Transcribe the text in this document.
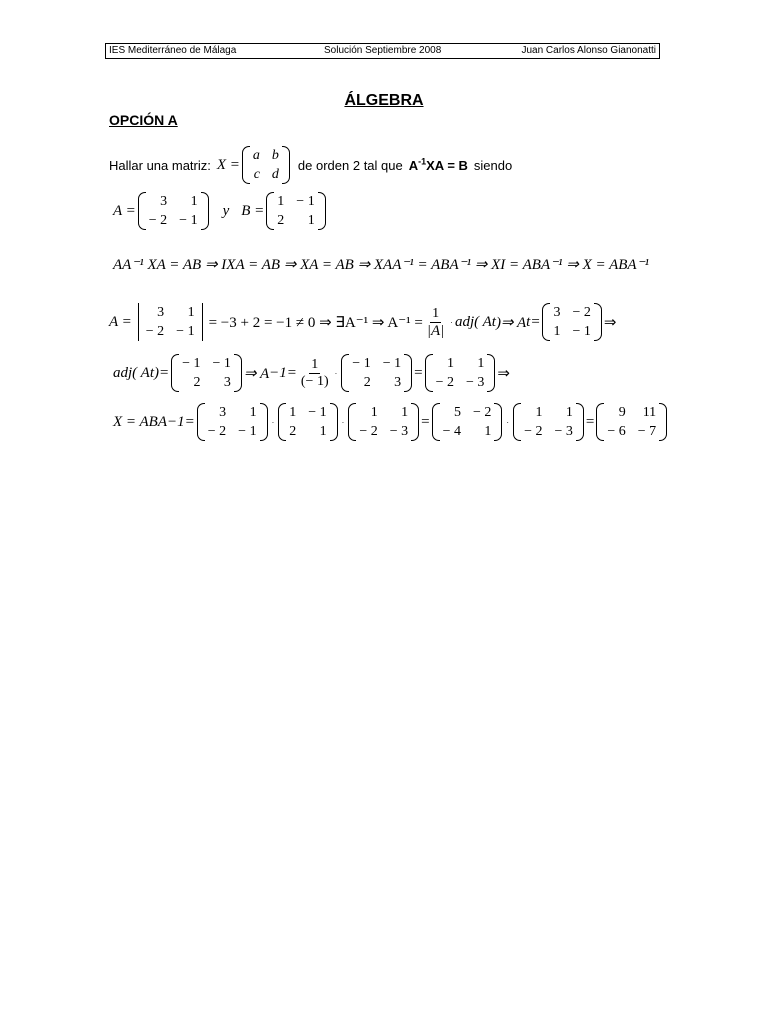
IES Mediterráneo de Málaga	Solución Septiembre 2008	Juan Carlos Alonso Gianonatti
ÁLGEBRA
OPCIÓN A
Hallar una matriz: X =
a b
c d
de orden 2 tal que $A^{-1}XA = B$ siendo
A =
3	1
− 2 − 1
y B =
1 − 1
2	1
AA⁻¹ XA = AB ⇒ IXA = AB ⇒ XA = AB ⇒ XAA⁻¹ = ABA⁻¹ ⇒ XI = ABA⁻¹ ⇒ X = ABA⁻¹
A =
3	1
− 2 − 1
= −3 + 2 = −1 ≠ 0 ⇒ ∃A⁻¹ ⇒ $A^{-1} = \frac{1}{|A|} \cdot adj$( A t )⇒ A t =
3 − 2
1 − 1
⇒
adj( A t )=
− 1 − 1
2	3
⇒ $A -1 = \frac{1}{(- 1)}$ ·
− 1 − 1
2	3
=
1	1
− 2 − 3
⇒
X = ABA −1 =
3	1
− 2 − 1
·
1 − 1
2	1
·
1	1
− 2 − 3
=
5 − 2
− 4	1
·
1	1
− 2 − 3
=
9	11
− 6 − 7
